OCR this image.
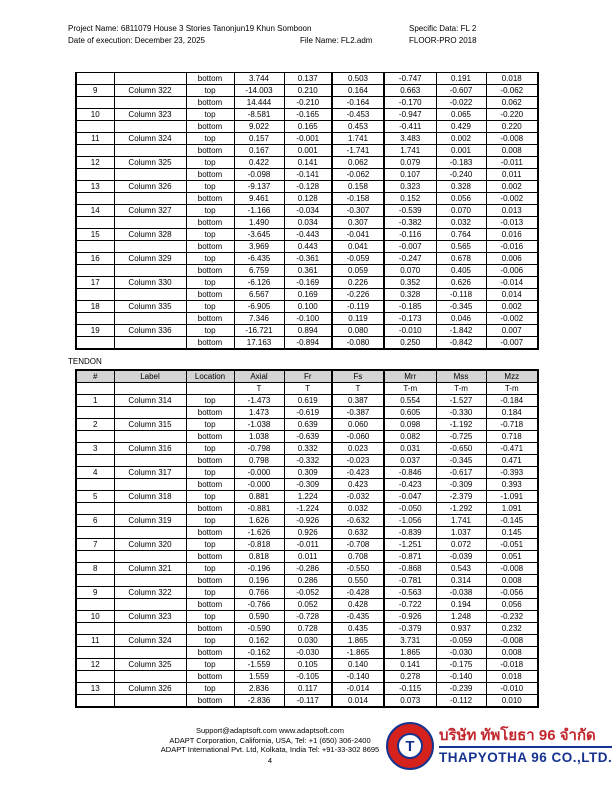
Project Name: 6811079 House 3 Stories Tanonjun19 Khun Somboon	Specific Data: FL 2
Date of execution: December 23, 2025	File Name: FL2.adm	FLOOR-PRO 2018
		bottom	3.744	0.137	0.503	-0.747	0.191	0.018
9	Column 322	top	-14.003	0.210	0.164	0.663	-0.607	-0.062
		bottom	14.444	-0.210	-0.164	-0.170	-0.022	0.062
10	Column 323	top	-8.581	-0.165	-0.453	-0.947	0.065	-0.220
		bottom	9.022	0.165	0.453	-0.411	0.429	0.220
11	Column 324	top	0.157	-0.001	1.741	3.483	0.002	-0.008
		bottom	0.167	0.001	-1.741	1.741	0.001	0.008
12	Column 325	top	0.422	0.141	0.062	0.079	-0.183	-0.011
		bottom	-0.098	-0.141	-0.062	0.107	-0.240	0.011
13	Column 326	top	-9.137	-0.128	0.158	0.323	0.328	0.002
		bottom	9.461	0.128	-0.158	0.152	0.056	-0.002
14	Column 327	top	-1.166	-0.034	-0.307	-0.539	0.070	0.013
		bottom	1.490	0.034	0.307	-0.382	0.032	-0.013
15	Column 328	top	-3.645	-0.443	-0.041	-0.116	0.764	0.016
		bottom	3.969	0.443	0.041	-0.007	0.565	-0.016
16	Column 329	top	-6.435	-0.361	-0.059	-0.247	0.678	0.006
		bottom	6.759	0.361	0.059	0.070	0.405	-0.006
17	Column 330	top	-6.126	-0.169	0.226	0.352	0.626	-0.014
		bottom	6.567	0.169	-0.226	0.328	-0.118	0.014
18	Column 335	top	-6.905	0.100	-0.119	-0.185	-0.345	0.002
		bottom	7.346	-0.100	0.119	-0.173	0.046	-0.002
19	Column 336	top	-16.721	0.894	0.080	-0.010	-1.842	0.007
		bottom	17.163	-0.894	-0.080	0.250	-0.842	-0.007
TENDON
#	Label	Location	Axial	Fr	Fs	Mrr	Mss	Mzz
			T	T	T	T-m	T-m	T-m
1	Column 314	top	-1.473	0.619	0.387	0.554	-1.527	-0.184
		bottom	1.473	-0.619	-0.387	0.605	-0.330	0.184
2	Column 315	top	-1.038	0.639	0.060	0.098	-1.192	-0.718
		bottom	1.038	-0.639	-0.060	0.082	-0.725	0.718
3	Column 316	top	-0.798	0.332	0.023	0.031	-0.650	-0.471
		bottom	0.798	-0.332	-0.023	0.037	-0.345	0.471
4	Column 317	top	-0.000	0.309	-0.423	-0.846	-0.617	-0.393
		bottom	-0.000	-0.309	0.423	-0.423	-0.309	0.393
5	Column 318	top	0.881	1.224	-0.032	-0.047	-2.379	-1.091
		bottom	-0.881	-1.224	0.032	-0.050	-1.292	1.091
6	Column 319	top	1.626	-0.926	-0.632	-1.056	1.741	-0.145
		bottom	-1.626	0.926	0.632	-0.839	1.037	0.145
7	Column 320	top	-0.818	-0.011	-0.708	-1.251	0.072	-0.051
		bottom	0.818	0.011	0.708	-0.871	-0.039	0.051
8	Column 321	top	-0.196	-0.286	-0.550	-0.868	0.543	-0.008
		bottom	0.196	0.286	0.550	-0.781	0.314	0.008
9	Column 322	top	0.766	-0.052	-0.428	-0.563	-0.038	-0.056
		bottom	-0.766	0.052	0.428	-0.722	0.194	0.056
10	Column 323	top	0.590	-0.728	-0.435	-0.926	1.248	-0.232
		bottom	-0.590	0.728	0.435	-0.379	0.937	0.232
11	Column 324	top	0.162	0.030	1.865	3.731	-0.059	-0.008
		bottom	-0.162	-0.030	-1.865	1.865	-0.030	0.008
12	Column 325	top	-1.559	0.105	0.140	0.141	-0.175	-0.018
		bottom	1.559	-0.105	-0.140	0.278	-0.140	0.018
13	Column 326	top	2.836	0.117	-0.014	-0.115	-0.239	-0.010
		bottom	-2.836	-0.117	0.014	0.073	-0.112	0.010
Support@adaptsoft.com www.adaptsoft.com
ADAPT Corporation, California, USA, Tel: +1 (650) 306-2400
ADAPT International Pvt. Ltd, Kolkata, India Tel: +91-33-302 8695
4
T
บริษัท ทัพโยธา 96 จำกัด
THAPYOTHA 96 CO.,LTD.
